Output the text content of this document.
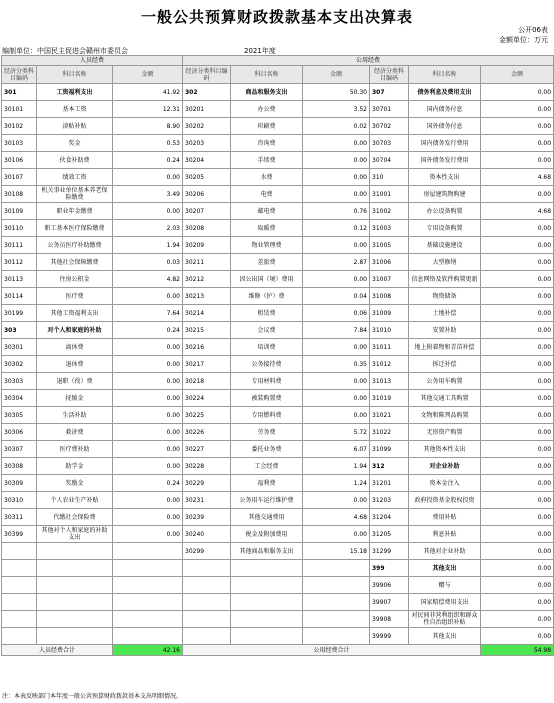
一般公共预算财政拨款基本支出决算表
公开06表
金额单位：万元
编制单位：中国民主促进会赣州市委员会	2021年度
人员经费			公用经费					
经济分类科目编码	科目名称	金额	经济分类科目编码	科目名称	金额	经济分类科目编码	科目名称	金额
301	工资福利支出	41.92	302	商品和服务支出	50.30	307	债务利息及费用支出	0.00
30101	基本工资	12.31	30201	办公费	3.52	30701	国内债务付息	0.00
30102	津贴补贴	8.90	30202	印刷费	0.02	30702	国外债务付息	0.00
30103	奖金	0.53	30203	咨询费	0.00	30703	国内债务发行费用	0.00
30106	伙食补助费	0.24	30204	手续费	0.00	30704	国外债务发行费用	0.00
30107	绩效工资	0.00	30205	水费	0.00	310	资本性支出	4.68
30108	机关事业单位基本养老保险缴费	3.49	30206	电费	0.00	31001	房屋建筑物购建	0.00
30109	职业年金缴费	0.00	30207	邮电费	0.76	31002	办公设备购置	4.68
30110	职工基本医疗保险缴费	2.03	30208	取暖费	0.12	31003	专用设备购置	0.00
30111	公务员医疗补助缴费	1.94	30209	物业管理费	0.00	31005	基础设施建设	0.00
30112	其他社会保障缴费	0.03	30211	差旅费	2.87	31006	大型修缮	0.00
30113	住房公积金	4.82	30212	因公出国（境）费用	0.00	31007	信息网络及软件购置更新	0.00
30114	医疗费	0.00	30213	维修（护）费	0.04	31008	物资储备	0.00
30199	其他工资福利支出	7.64	30214	租赁费	0.06	31009	土地补偿	0.00
303	对个人和家庭的补助	0.24	30215	会议费	7.84	31010	安置补助	0.00
30301	离休费	0.00	30216	培训费	0.00	31011	地上附着物和青苗补偿	0.00
30302	退休费	0.00	30217	公务接待费	0.35	31012	拆迁补偿	0.00
30303	退职（役）费	0.00	30218	专用材料费	0.00	31013	公务用车购置	0.00
30304	抚恤金	0.00	30224	被装购置费	0.00	31019	其他交通工具购置	0.00
30305	生活补助	0.00	30225	专用燃料费	0.00	31021	文物和陈列品购置	0.00
30306	救济费	0.00	30226	劳务费	5.72	31022	无形资产购置	0.00
30307	医疗费补助	0.00	30227	委托业务费	6.07	31099	其他资本性支出	0.00
30308	助学金	0.00	30228	工会经费	1.94	312	对企业补助	0.00
30309	奖励金	0.24	30229	福利费	1.24	31201	资本金注入	0.00
30310	个人农业生产补贴	0.00	30231	公务用车运行维护费	0.00	31203	政府投资基金股权投资	0.00
30311	代缴社会保险费	0.00	30239	其他交通费用	4.68	31204	费用补贴	0.00
30399	其他对个人和家庭的补助支出	0.00	30240	税金及附加费用	0.00	31205	利息补贴	0.00
			30299	其他商品和服务支出	15.18	31299	其他对企业补助	0.00
						399	其他支出	0.00
						39906	赠与	0.00
						39907	国家赔偿费用支出	0.00
						39908	对民间非营利组织和群众性自治组织补贴	0.00
						39999	其他支出	0.00
人员经费合计		42.16	公用经费合计					54.98
注：本表反映部门本年度一般公共预算财政拨款基本支出明细情况。
